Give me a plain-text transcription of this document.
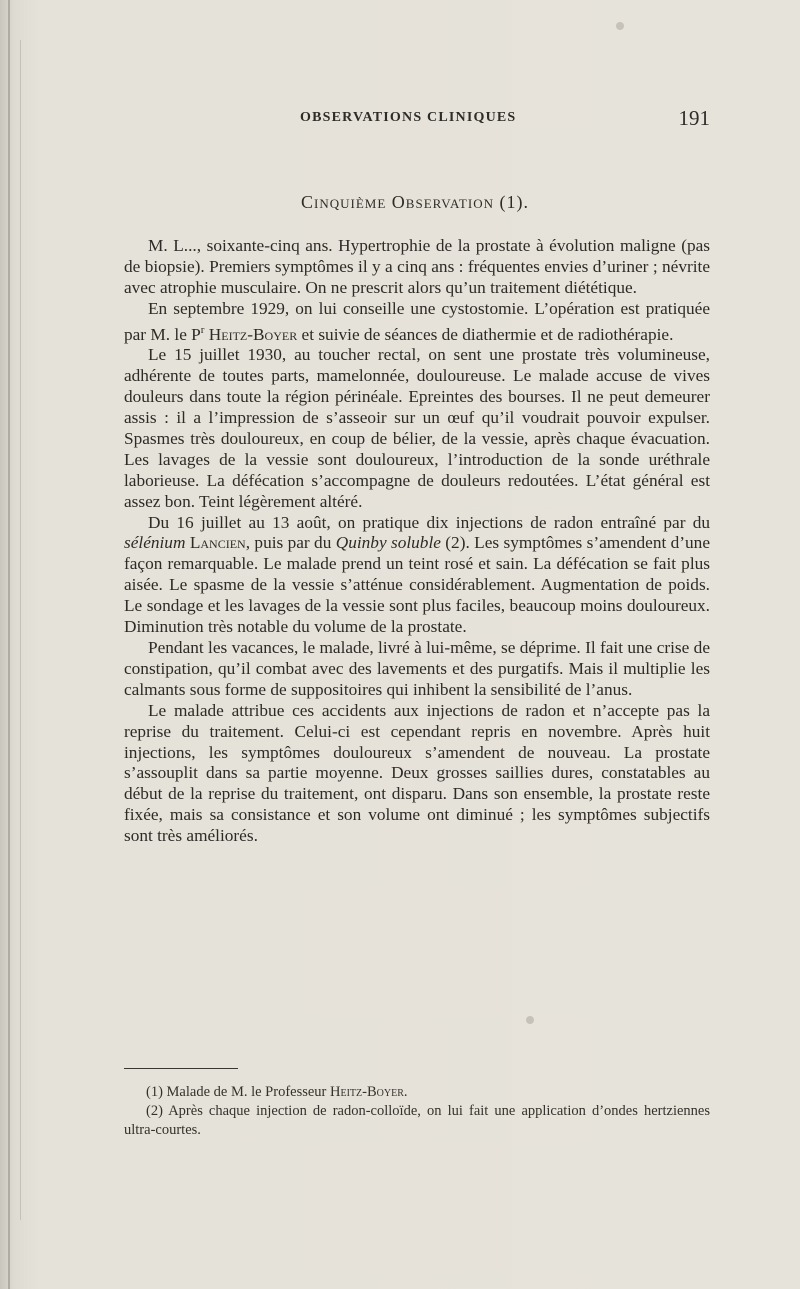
OBSERVATIONS CLINIQUES	191
Cinquième Observation (1).

M. L..., soixante-cinq ans. Hypertrophie de la prostate à évolution maligne (pas de biopsie). Premiers symptômes il y a cinq ans : fréquentes envies d’uriner ; névrite avec atrophie musculaire. On ne prescrit alors qu’un traitement diététique.

En septembre 1929, on lui conseille une cystostomie. L’opération est pratiquée par M. le $P^r$ Heitz-Boyer et suivie de séances de diathermie et de radiothérapie.

Le 15 juillet 1930, au toucher rectal, on sent une prostate très volumineuse, adhérente de toutes parts, mamelonnée, douloureuse. Le malade accuse de vives douleurs dans toute la région périnéale. Epreintes des bourses. Il ne peut demeurer assis : il a l’impression de s’asseoir sur un œuf qu’il voudrait pouvoir expulser. Spasmes très douloureux, en coup de bélier, de la vessie, après chaque évacuation. Les lavages de la vessie sont douloureux, l’introduction de la sonde uréthrale laborieuse. La défécation s’accompagne de douleurs redoutées. L’état général est assez bon. Teint légèrement altéré.

Du 16 juillet au 13 août, on pratique dix injections de radon entraîné par du sélénium Lancien, puis par du Quinby soluble (2). Les symptômes s’amendent d’une façon remarquable. Le malade prend un teint rosé et sain. La défécation se fait plus aisée. Le spasme de la vessie s’atténue considérablement. Augmentation de poids. Le sondage et les lavages de la vessie sont plus faciles, beaucoup moins douloureux. Diminution très notable du volume de la prostate.

Pendant les vacances, le malade, livré à lui-même, se déprime. Il fait une crise de constipation, qu’il combat avec des lavements et des purgatifs. Mais il multiplie les calmants sous forme de suppositoires qui inhibent la sensibilité de l’anus.

Le malade attribue ces accidents aux injections de radon et n’accepte pas la reprise du traitement. Celui-ci est cependant repris en novembre. Après huit injections, les symptômes douloureux s’amendent de nouveau. La prostate s’assouplit dans sa partie moyenne. Deux grosses saillies dures, constatables au début de la reprise du traitement, ont disparu. Dans son ensemble, la prostate reste fixée, mais sa consistance et son volume ont diminué ; les symptômes subjectifs sont très améliorés.

(1) Malade de M. le Professeur Heitz-Boyer.

(2) Après chaque injection de radon-colloïde, on lui fait une application d’ondes hertziennes ultra-courtes.
